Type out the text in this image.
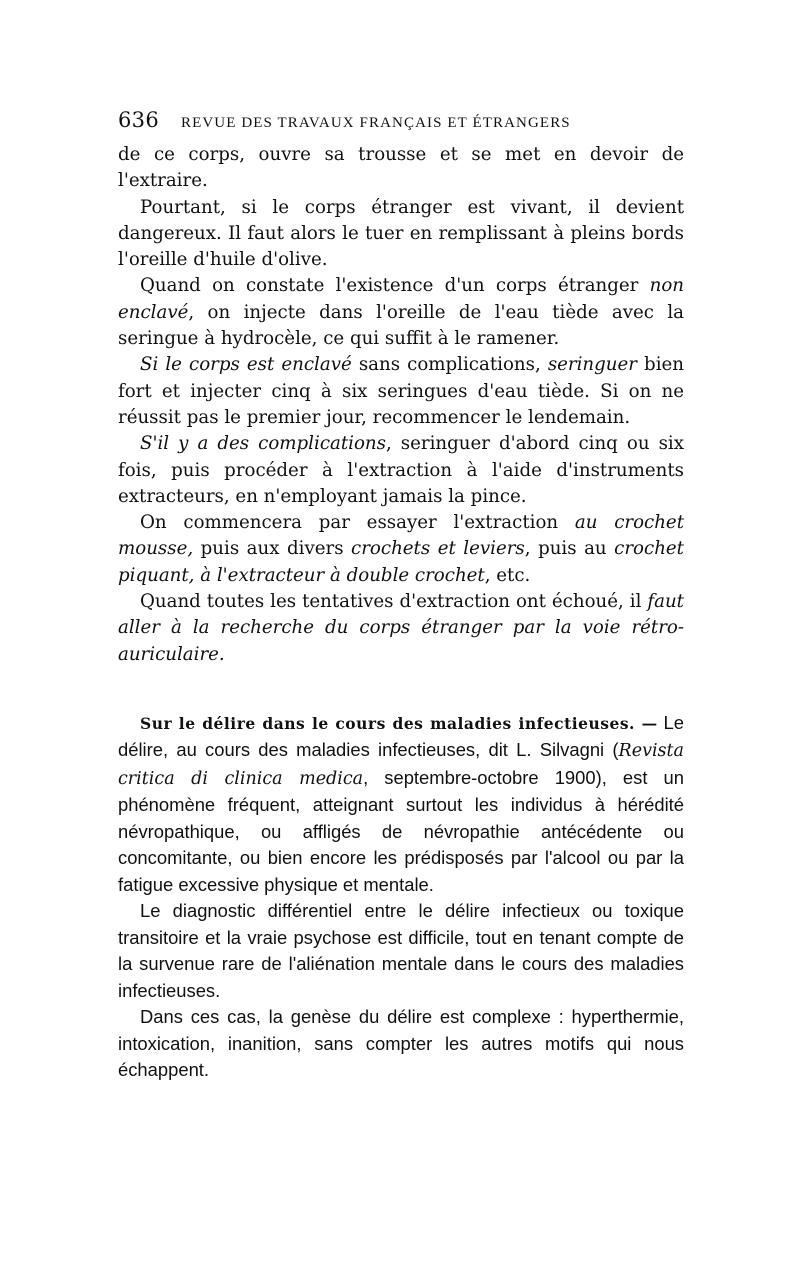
636 REVUE DES TRAVAUX FRANÇAIS ET ÉTRANGERS

de ce corps, ouvre sa trousse et se met en devoir de l'extraire.

Pourtant, si le corps étranger est vivant, il devient dangereux. Il faut alors le tuer en remplissant à pleins bords l'oreille d'huile d'olive.

Quand on constate l'existence d'un corps étranger non enclavé, on injecte dans l'oreille de l'eau tiède avec la seringue à hydrocèle, ce qui suffit à le ramener.

Si le corps est enclavé sans complications, seringuer bien fort et injecter cinq à six seringues d'eau tiède. Si on ne réussit pas le premier jour, recommencer le lendemain.

S'il y a des complications, seringuer d'abord cinq ou six fois, puis procéder à l'extraction à l'aide d'instruments extracteurs, en n'employant jamais la pince.

On commencera par essayer l'extraction au crochet mousse, puis aux divers crochets et leviers, puis au crochet piquant, à l'extracteur à double crochet, etc.

Quand toutes les tentatives d'extraction ont échoué, il faut aller à la recherche du corps étranger par la voie rétro-auriculaire.

Sur le délire dans le cours des maladies infectieuses. — Le délire, au cours des maladies infectieuses, dit L. Silvagni (Revista critica di clinica medica, septembre-octobre 1900), est un phénomène fréquent, atteignant surtout les individus à hérédité névropathique, ou affligés de névropathie antécédente ou concomitante, ou bien encore les prédisposés par l'alcool ou par la fatigue excessive physique et mentale.

Le diagnostic différentiel entre le délire infectieux ou toxique transitoire et la vraie psychose est difficile, tout en tenant compte de la survenue rare de l'aliénation mentale dans le cours des maladies infectieuses.

Dans ces cas, la genèse du délire est complexe : hyperthermie, intoxication, inanition, sans compter les autres motifs qui nous échappent.
